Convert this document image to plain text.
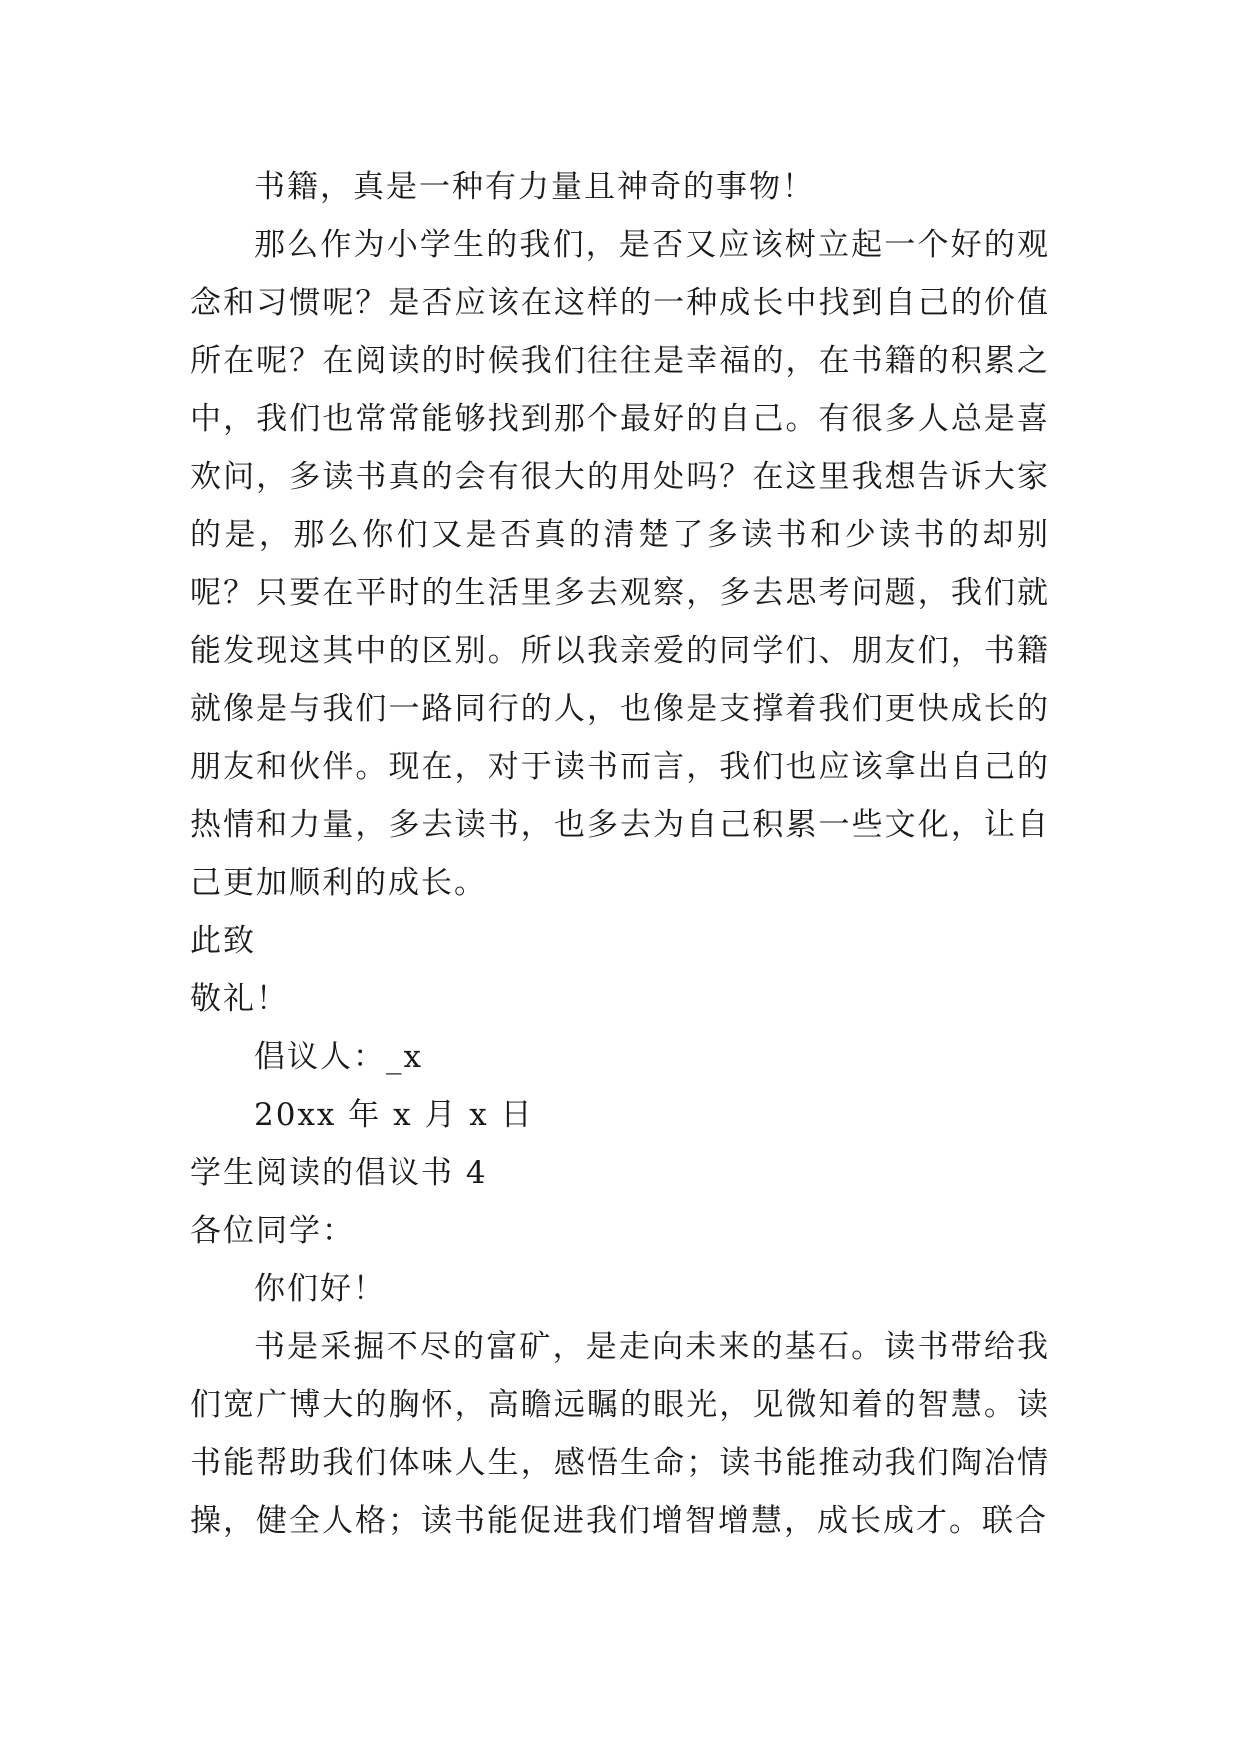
书籍，真是一种有力量且神奇的事物！

那么作为小学生的我们，是否又应该树立起一个好的观念和习惯呢？是否应该在这样的一种成长中找到自己的价值所在呢？在阅读的时候我们往往是幸福的，在书籍的积累之中，我们也常常能够找到那个最好的自己。有很多人总是喜欢问，多读书真的会有很大的用处吗？在这里我想告诉大家的是，那么你们又是否真的清楚了多读书和少读书的却别呢？只要在平时的生活里多去观察，多去思考问题，我们就能发现这其中的区别。所以我亲爱的同学们、朋友们，书籍就像是与我们一路同行的人，也像是支撑着我们更快成长的朋友和伙伴。现在，对于读书而言，我们也应该拿出自己的热情和力量，多去读书，也多去为自己积累一些文化，让自己更加顺利的成长。

此致

敬礼！

倡议人：_x

20xx 年 x 月 x 日

学生阅读的倡议书 4

各位同学：

你们好！

书是采掘不尽的富矿，是走向未来的基石。读书带给我们宽广博大的胸怀，高瞻远瞩的眼光，见微知着的智慧。读书能帮助我们体味人生，感悟生命；读书能推动我们陶冶情操，健全人格；读书能促进我们增智增慧，成长成才。联合
